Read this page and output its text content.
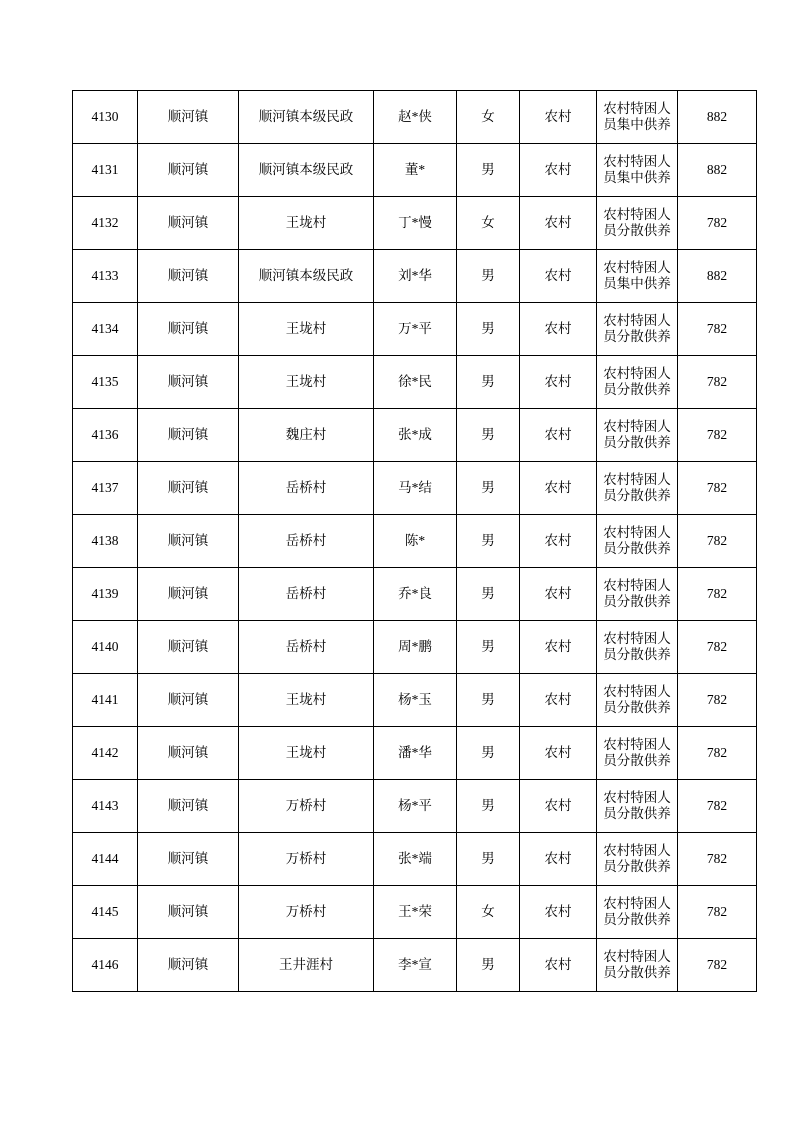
4130	顺河镇	顺河镇本级民政	赵*侠	女	农村	农村特困人员集中供养	882
4131	顺河镇	顺河镇本级民政	董*	男	农村	农村特困人员集中供养	882
4132	顺河镇	王垅村	丁*慢	女	农村	农村特困人员分散供养	782
4133	顺河镇	顺河镇本级民政	刘*华	男	农村	农村特困人员集中供养	882
4134	顺河镇	王垅村	万*平	男	农村	农村特困人员分散供养	782
4135	顺河镇	王垅村	徐*民	男	农村	农村特困人员分散供养	782
4136	顺河镇	魏庄村	张*成	男	农村	农村特困人员分散供养	782
4137	顺河镇	岳桥村	马*结	男	农村	农村特困人员分散供养	782
4138	顺河镇	岳桥村	陈*	男	农村	农村特困人员分散供养	782
4139	顺河镇	岳桥村	乔*良	男	农村	农村特困人员分散供养	782
4140	顺河镇	岳桥村	周*鹏	男	农村	农村特困人员分散供养	782
4141	顺河镇	王垅村	杨*玉	男	农村	农村特困人员分散供养	782
4142	顺河镇	王垅村	潘*华	男	农村	农村特困人员分散供养	782
4143	顺河镇	万桥村	杨*平	男	农村	农村特困人员分散供养	782
4144	顺河镇	万桥村	张*端	男	农村	农村特困人员分散供养	782
4145	顺河镇	万桥村	王*荣	女	农村	农村特困人员分散供养	782
4146	顺河镇	王井涯村	李*宣	男	农村	农村特困人员分散供养	782
